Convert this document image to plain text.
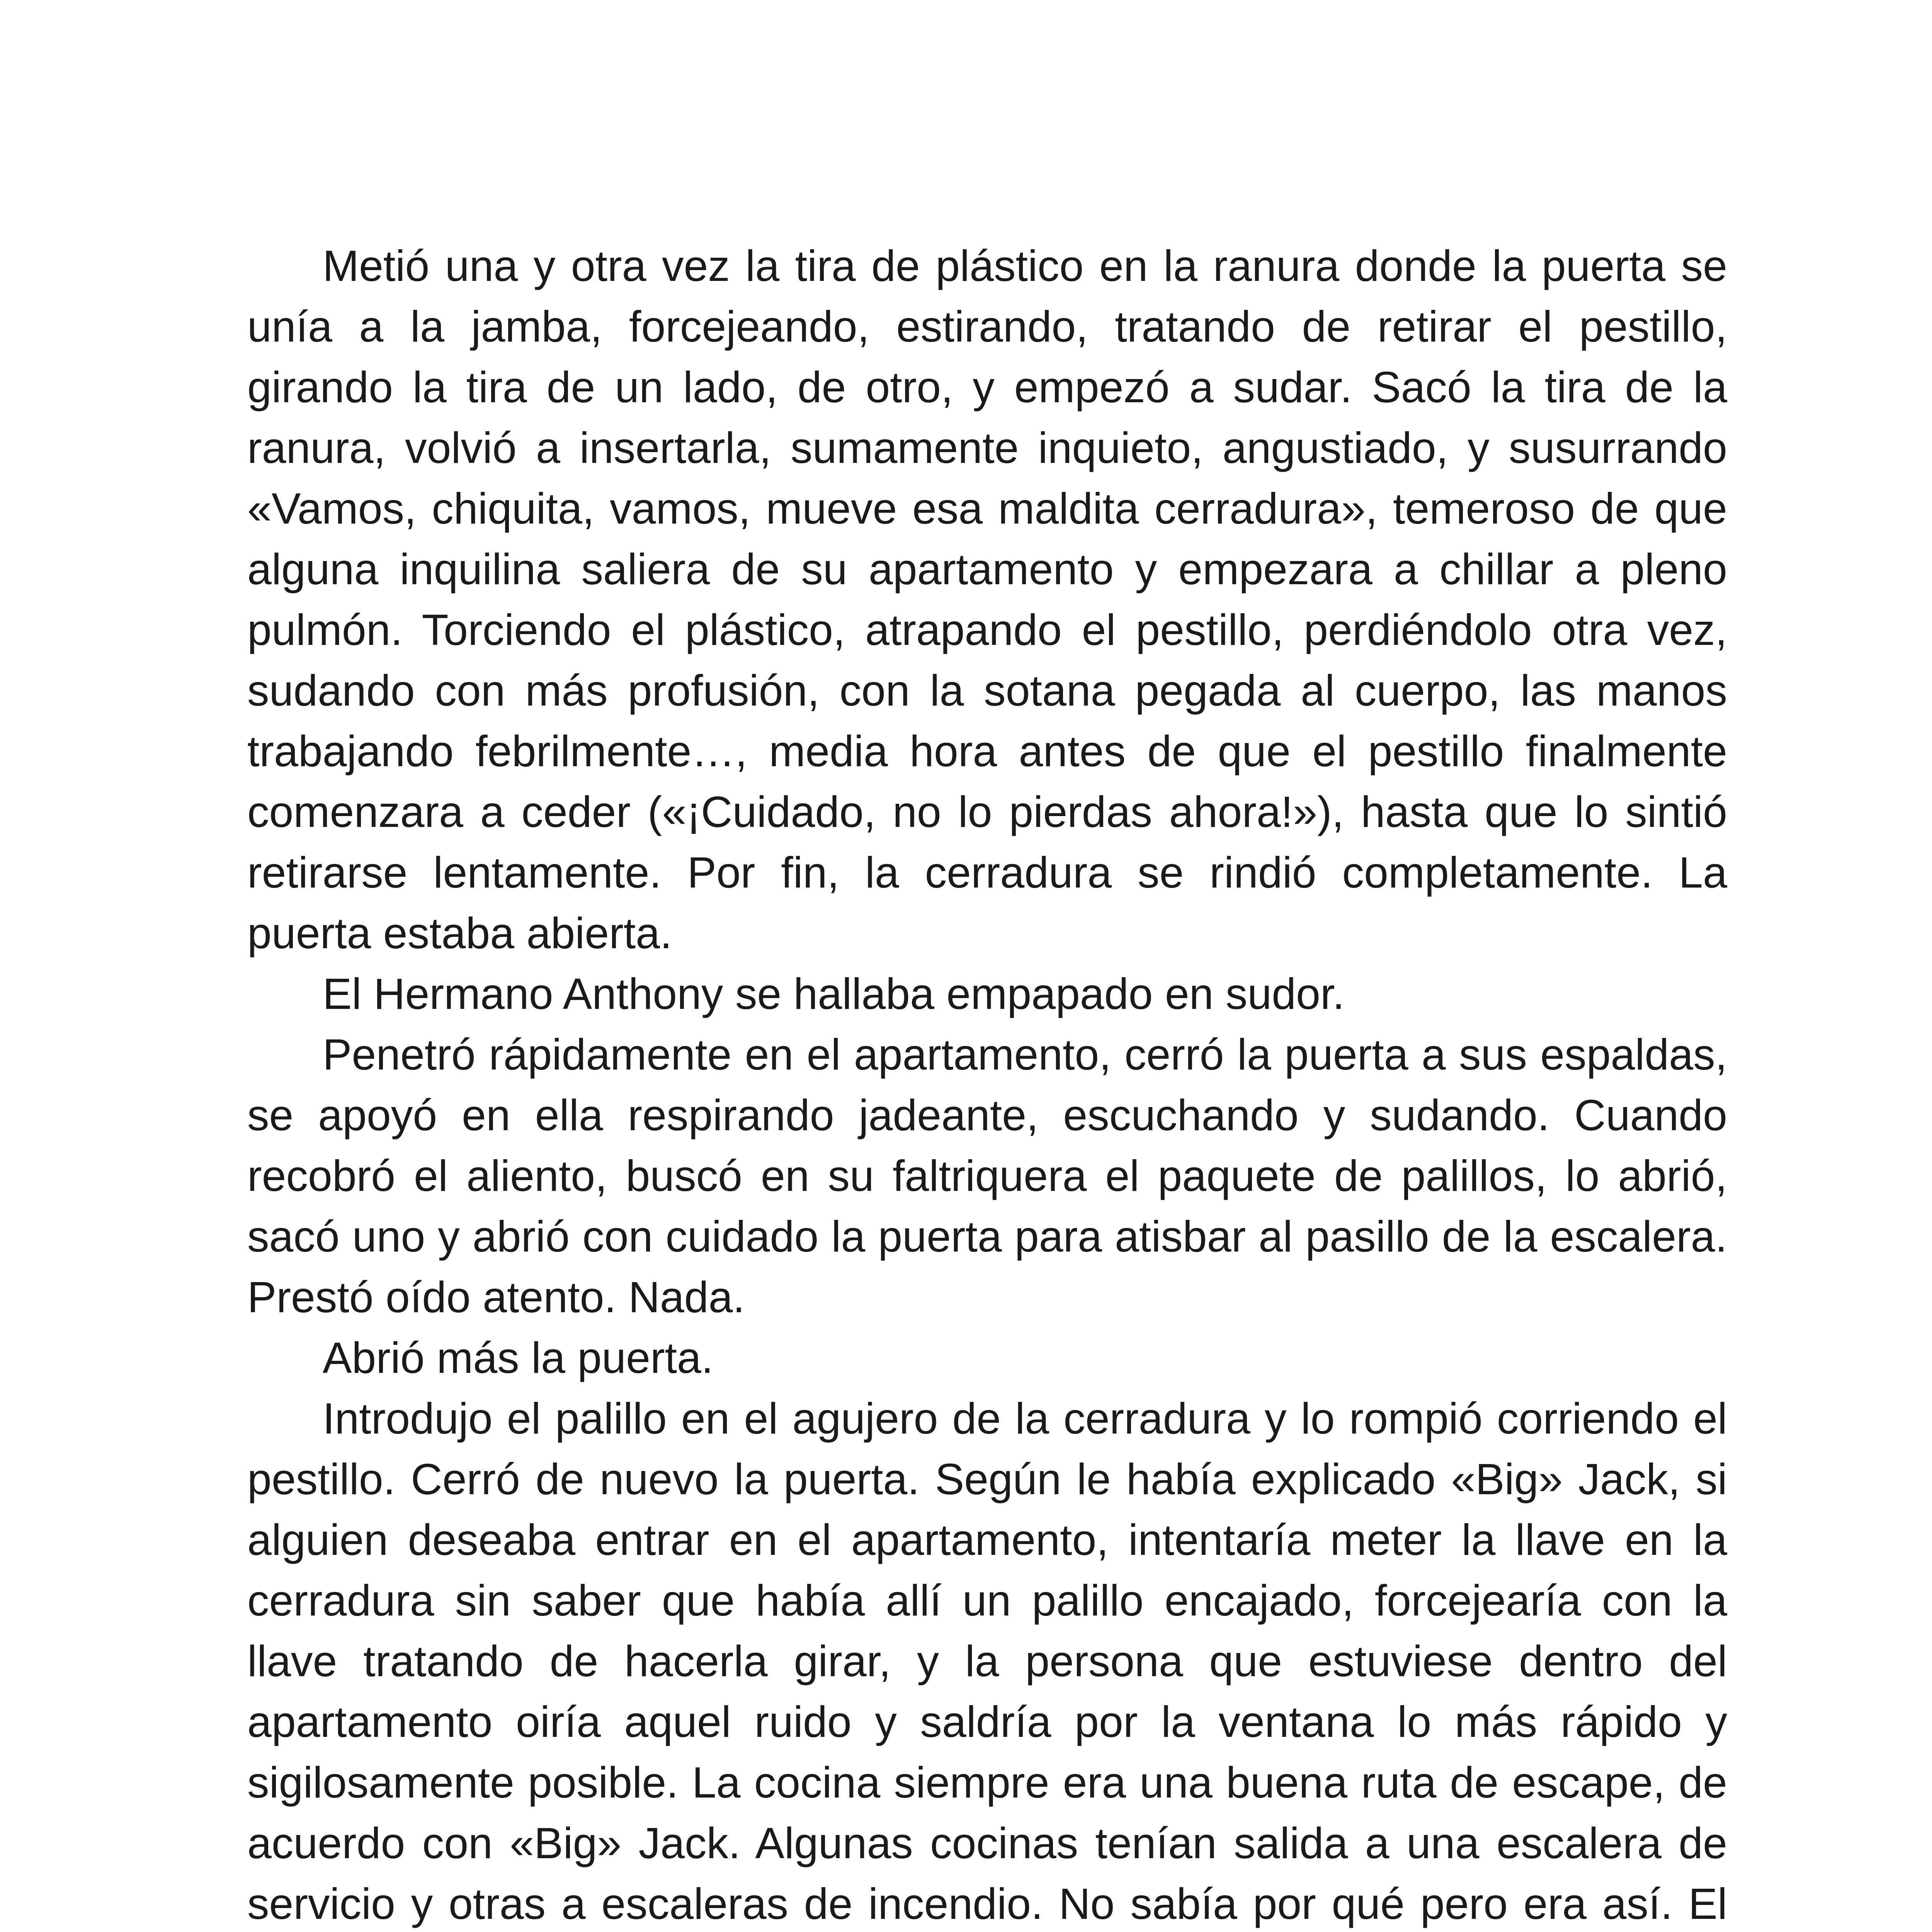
Metió una y otra vez la tira de plástico en la ranura donde la puerta se unía a la jamba, forcejeando, estirando, tratando de retirar el pestillo, girando la tira de un lado, de otro, y empezó a sudar. Sacó la tira de la ranura, volvió a insertarla, sumamente inquieto, angustiado, y susurrando «Vamos, chiquita, vamos, mueve esa maldita cerradura», temeroso de que alguna inquilina saliera de su apartamento y empezara a chillar a pleno pulmón. Torciendo el plástico, atrapando el pestillo, perdiéndolo otra vez, sudando con más profusión, con la sotana pegada al cuerpo, las manos trabajando febrilmente…, media hora antes de que el pestillo finalmente comenzara a ceder («¡Cuidado, no lo pierdas ahora!»), hasta que lo sintió retirarse lentamente. Por fin, la cerradura se rindió completamente. La puerta estaba abierta.

El Hermano Anthony se hallaba empapado en sudor.

Penetró rápidamente en el apartamento, cerró la puerta a sus espaldas, se apoyó en ella respirando jadeante, escuchando y sudando. Cuando recobró el aliento, buscó en su faltriquera el paquete de palillos, lo abrió, sacó uno y abrió con cuidado la puerta para atisbar al pasillo de la escalera. Prestó oído atento. Nada.

Abrió más la puerta.

Introdujo el palillo en el agujero de la cerradura y lo rompió corriendo el pestillo. Cerró de nuevo la puerta. Según le había explicado «Big» Jack, si alguien deseaba entrar en el apartamento, intentaría meter la llave en la cerradura sin saber que había allí un palillo encajado, forcejearía con la llave tratando de hacerla girar, y la persona que estuviese dentro del apartamento oiría aquel ruido y saldría por la ventana lo más rápido y sigilosamente posible. La cocina siempre era una buena ruta de escape, de acuerdo con «Big» Jack. Algunas cocinas tenían salida a una escalera de servicio y otras a escaleras de incendio. No sabía por qué pero era así. El
